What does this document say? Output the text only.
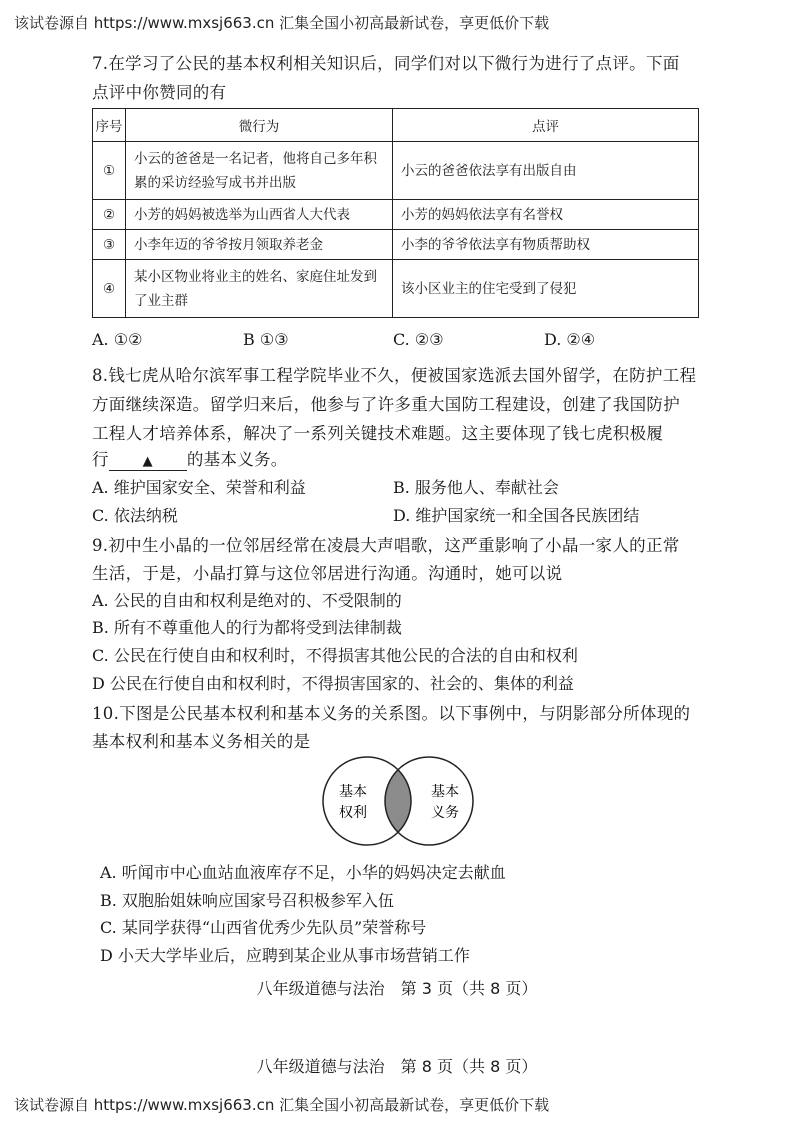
该试卷源自 https://www.mxsj663.cn 汇集全国小初高最新试卷，享更低价下载
7.在学习了公民的基本权利相关知识后，同学们对以下微行为进行了点评。下面
点评中你赞同的有
序号	微行为	点评
①	小云的爸爸是一名记者，他将自己多年积累的采访经验写成书并出版	小云的爸爸依法享有出版自由
②	小芳的妈妈被选举为山西省人大代表	小芳的妈妈依法享有名誉权
③	小李年迈的爷爷按月领取养老金	小李的爷爷依法享有物质帮助权
④	某小区物业将业主的姓名、家庭住址发到了业主群	该小区业主的住宅受到了侵犯
A. ①②	B ①③	C. ②③	D. ②④
8.钱七虎从哈尔滨军事工程学院毕业不久，便被国家选派去国外留学，在防护工程
方面继续深造。留学归来后，他参与了许多重大国防工程建设，创建了我国防护
工程人才培养体系，解决了一系列关键技术难题。这主要体现了钱七虎积极履
行	▲ 的基本义务。
A. 维护国家安全、荣誉和利益	B. 服务他人、奉献社会
C. 依法纳税	D. 维护国家统一和全国各民族团结
9.初中生小晶的一位邻居经常在凌晨大声唱歌，这严重影响了小晶一家人的正常
生活，于是，小晶打算与这位邻居进行沟通。沟通时，她可以说
A. 公民的自由和权利是绝对的、不受限制的
B. 所有不尊重他人的行为都将受到法律制裁
C. 公民在行使自由和权利时，不得损害其他公民的合法的自由和权利
D 公民在行使自由和权利时，不得损害国家的、社会的、集体的利益
10.下图是公民基本权利和基本义务的关系图。以下事例中，与阴影部分所体现的
基本权利和基本义务相关的是
基本
权利
基本
义务
A. 听闻市中心血站血液库存不足，小华的妈妈决定去献血
B. 双胞胎姐妹响应国家号召积极参军入伍
C. 某同学获得“山西省优秀少先队员”荣誉称号
D 小天大学毕业后，应聘到某企业从事市场营销工作
八年级道德与法治　第 3 页（共 8 页）
八年级道德与法治　第 8 页（共 8 页）
该试卷源自 https://www.mxsj663.cn 汇集全国小初高最新试卷，享更低价下载
